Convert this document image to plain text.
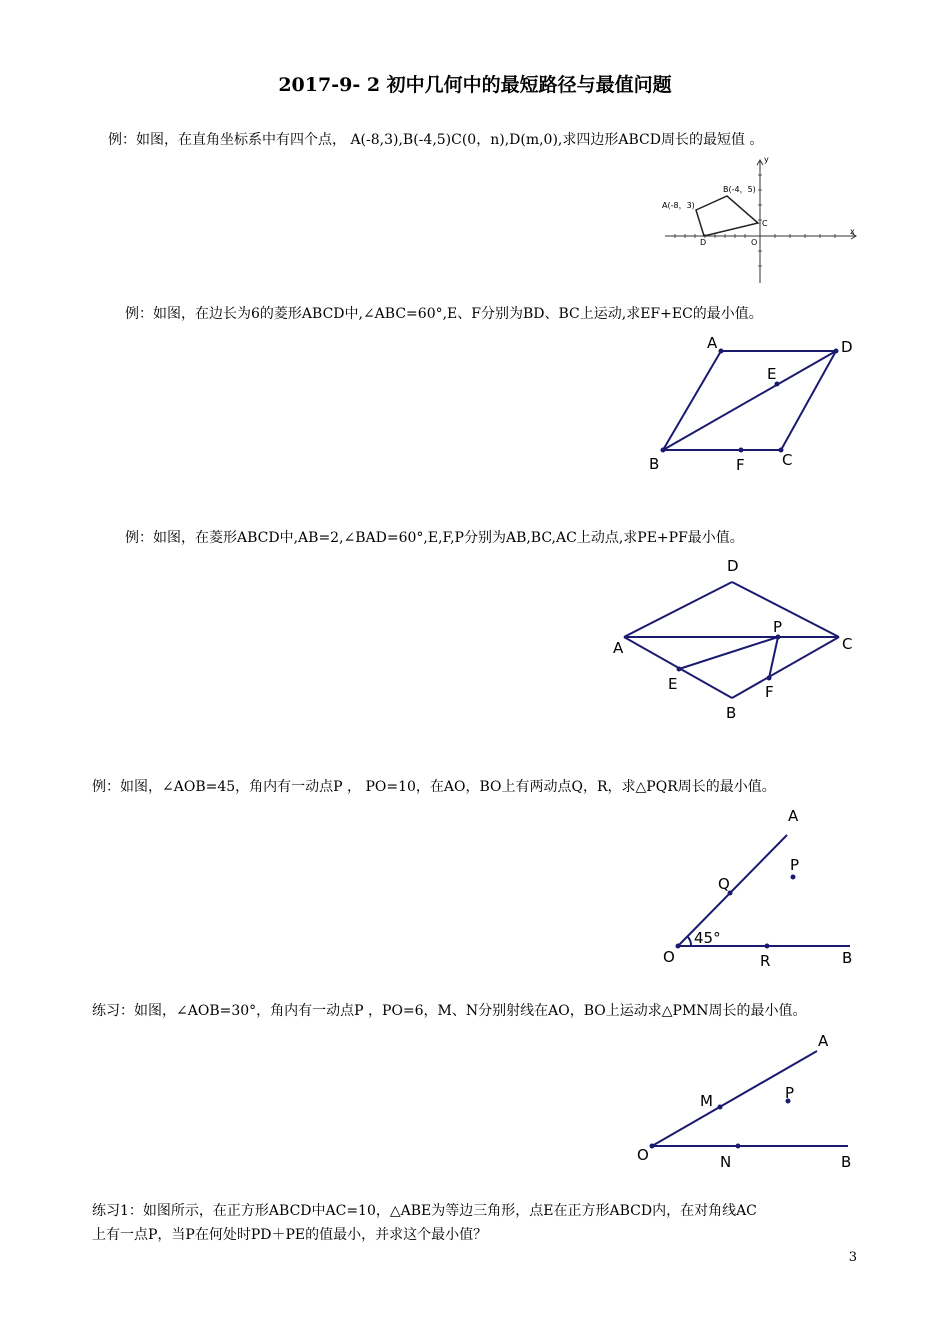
2017-9- 2 初中几何中的最短路径与最值问题
例：如图，在直角坐标系中有四个点， A(-8,3),B(-4,5)C(0，n),D(m,0),求四边形ABCD周长的最短值 。
A(-8，3)
B(-4，5)
C
D	O
x
y
例：如图，在边长为6的菱形ABCD中,∠ABC=60°,E、F分别为BD、BC上运动,求EF+EC的最小值。
A	D
E
B	F C
例：如图，在菱形ABCD中,AB=2,∠BAD=60°,E,F,P分别为AB,BC,AC上动点,求PE+PF最小值。
D
A	C
P
E	F
B
例：如图，∠AOB=45，角内有一动点P ， PO=10，在AO，BO上有两动点Q，R，求△PQR周长的最小值。
A
P
Q
45°
O	R	B
练习：如图，∠AOB=30°，角内有一动点P ，PO=6，M、N分别射线在AO，BO上运动求△PMN周长的最小值。
A
P
M
O	N	B
练习1：如图所示，在正方形ABCD中AC=10，△ABE为等边三角形，点E在正方形ABCD内，在对角线AC
上有一点P，当P在何处时PD＋PE的值最小，并求这个最小值？
3
